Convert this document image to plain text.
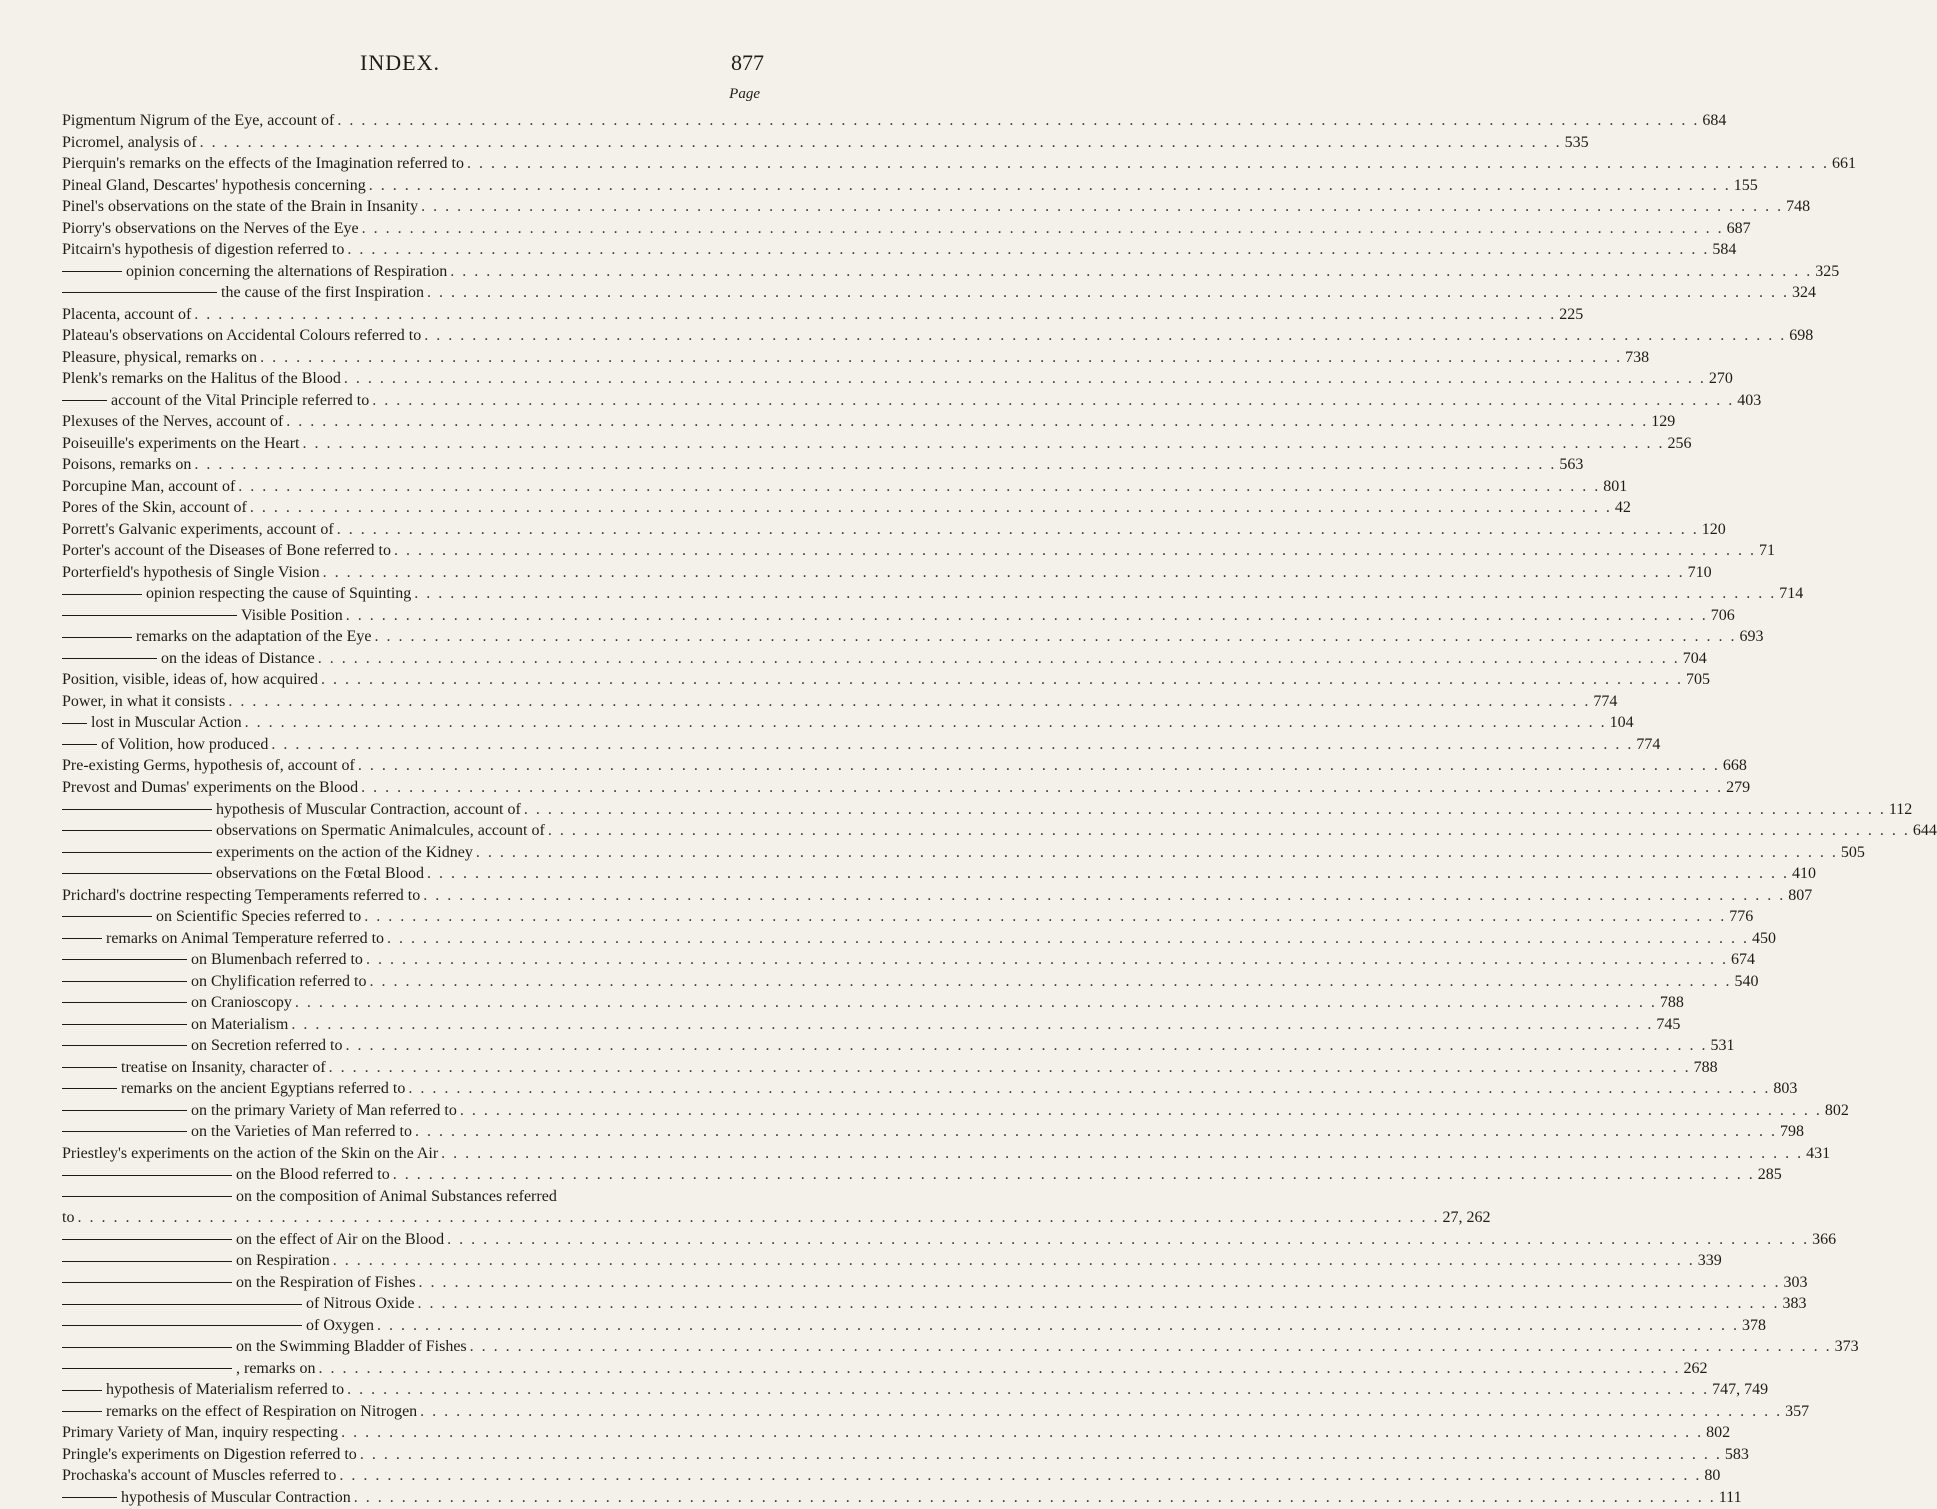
INDEX.	877
Page
Pigmentum Nigrum of the Eye, account of . . .	684
Picromel, analysis of . . .	535
Pierquin's remarks on the effects of the Imagination referred to . . .	661
Pineal Gland, Descartes' hypothesis concerning . . .	155
Pinel's observations on the state of the Brain in Insanity . . .	748
Piorry's observations on the Nerves of the Eye . . .	687
Pitcairn's hypothesis of digestion referred to . . .	584
opinion concerning the alternations of Respiration . . .	325
the cause of the first Inspiration . . .	324
Placenta, account of . . .	225
Plateau's observations on Accidental Colours referred to . . .	698
Pleasure, physical, remarks on . . .	738
Plenk's remarks on the Halitus of the Blood . . .	270
account of the Vital Principle referred to . . .	403
Plexuses of the Nerves, account of . . .	129
Poiseuille's experiments on the Heart . . .	256
Poisons, remarks on . . .	563
Porcupine Man, account of . . .	801
Pores of the Skin, account of . . .	42
Porrett's Galvanic experiments, account of . . .	120
Porter's account of the Diseases of Bone referred to . . .	71
Porterfield's hypothesis of Single Vision . . .	710
opinion respecting the cause of Squinting . . .	714
Visible Position . . .	706
remarks on the adaptation of the Eye . . .	693
on the ideas of Distance . . .	704
Position, visible, ideas of, how acquired . . .	705
Power, in what it consists . . .	774
lost in Muscular Action . . .	104
of Volition, how produced . . .	774
Pre-existing Germs, hypothesis of, account of . . .	668
Prevost and Dumas' experiments on the Blood . . .	279
hypothesis of Muscular Contraction, account of . . .	112
observations on Spermatic Animalcules, account of . . .	644
experiments on the action of the Kidney . . .	505
observations on the Fœtal Blood . . .	410
Prichard's doctrine respecting Temperaments referred to . . .	807
on Scientific Species referred to . . .	776
remarks on Animal Temperature referred to . . .	450
on Blumenbach referred to . . .	674
on Chylification referred to . . .	540
on Cranioscopy . . .	788
on Materialism . . .	745
on Secretion referred to . . .	531
treatise on Insanity, character of . . .	788
remarks on the ancient Egyptians referred to . . .	803
on the primary Variety of Man referred to . . .	802
on the Varieties of Man referred to . . .	798
Priestley's experiments on the action of the Skin on the Air . . .	431
on the Blood referred to . . .	285
on the composition of Animal Substances referred
to . . .	27, 262
on the effect of Air on the Blood . . .	366
on Respiration . . .	339
on the Respiration of Fishes . . .	303
of Nitrous Oxide . . .	383
of Oxygen . . .	378
on the Swimming Bladder of Fishes . . .	373
, remarks on . . .	262
hypothesis of Materialism referred to . . .	747, 749
remarks on the effect of Respiration on Nitrogen . . .	357
Primary Variety of Man, inquiry respecting . . .	802
Pringle's experiments on Digestion referred to . . .	583
Prochaska's account of Muscles referred to . . .	80
hypothesis of Muscular Contraction . . .	111
